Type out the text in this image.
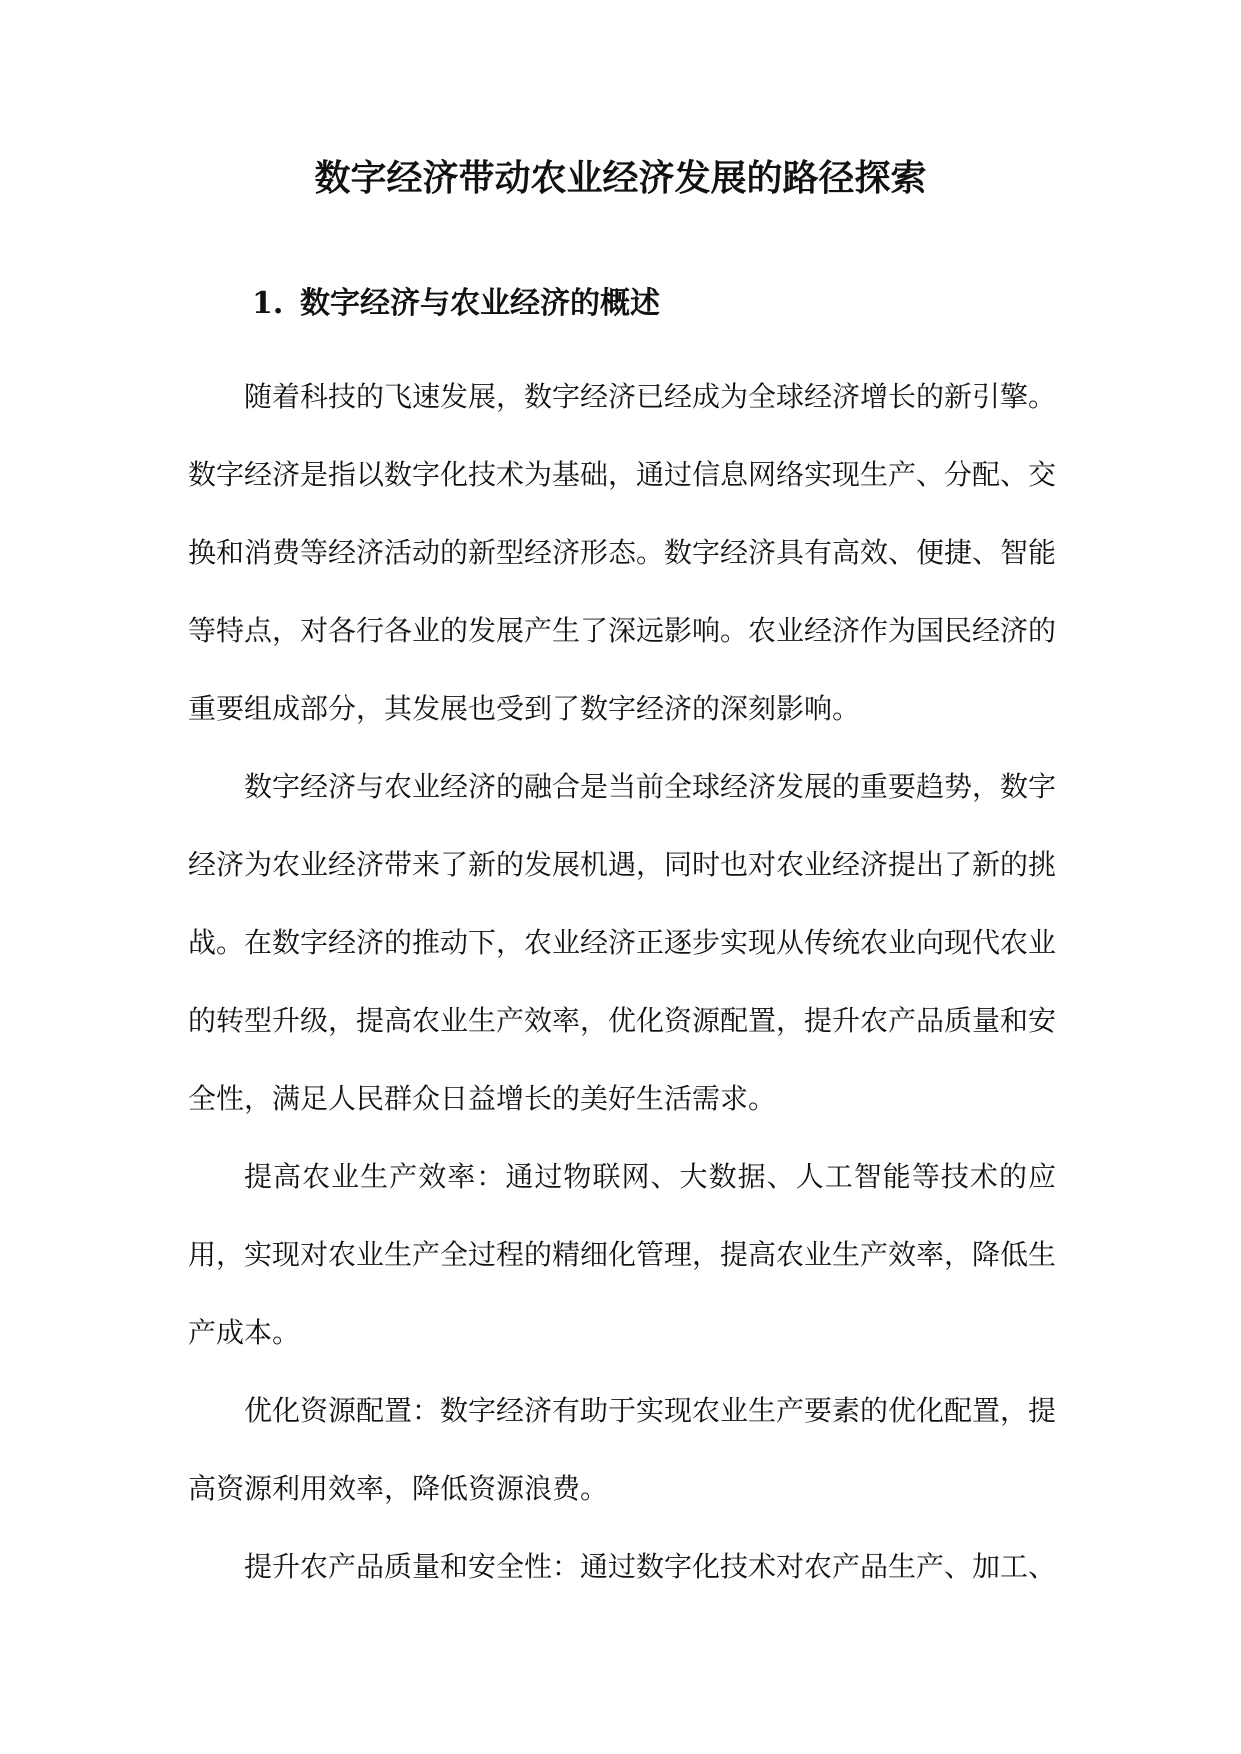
数字经济带动农业经济发展的路径探索
1. 数字经济与农业经济的概述

随着科技的飞速发展，数字经济已经成为全球经济增长的新引擎。数字经济是指以数字化技术为基础，通过信息网络实现生产、分配、交换和消费等经济活动的新型经济形态。数字经济具有高效、便捷、智能等特点，对各行各业的发展产生了深远影响。农业经济作为国民经济的重要组成部分，其发展也受到了数字经济的深刻影响。

数字经济与农业经济的融合是当前全球经济发展的重要趋势，数字经济为农业经济带来了新的发展机遇，同时也对农业经济提出了新的挑战。在数字经济的推动下，农业经济正逐步实现从传统农业向现代农业的转型升级，提高农业生产效率，优化资源配置，提升农产品质量和安全性，满足人民群众日益增长的美好生活需求。

提高农业生产效率：通过物联网、大数据、人工智能等技术的应用，实现对农业生产全过程的精细化管理，提高农业生产效率，降低生产成本。

优化资源配置：数字经济有助于实现农业生产要素的优化配置，提高资源利用效率，降低资源浪费。

提升农产品质量和安全性：通过数字化技术对农产品生产、加工、
